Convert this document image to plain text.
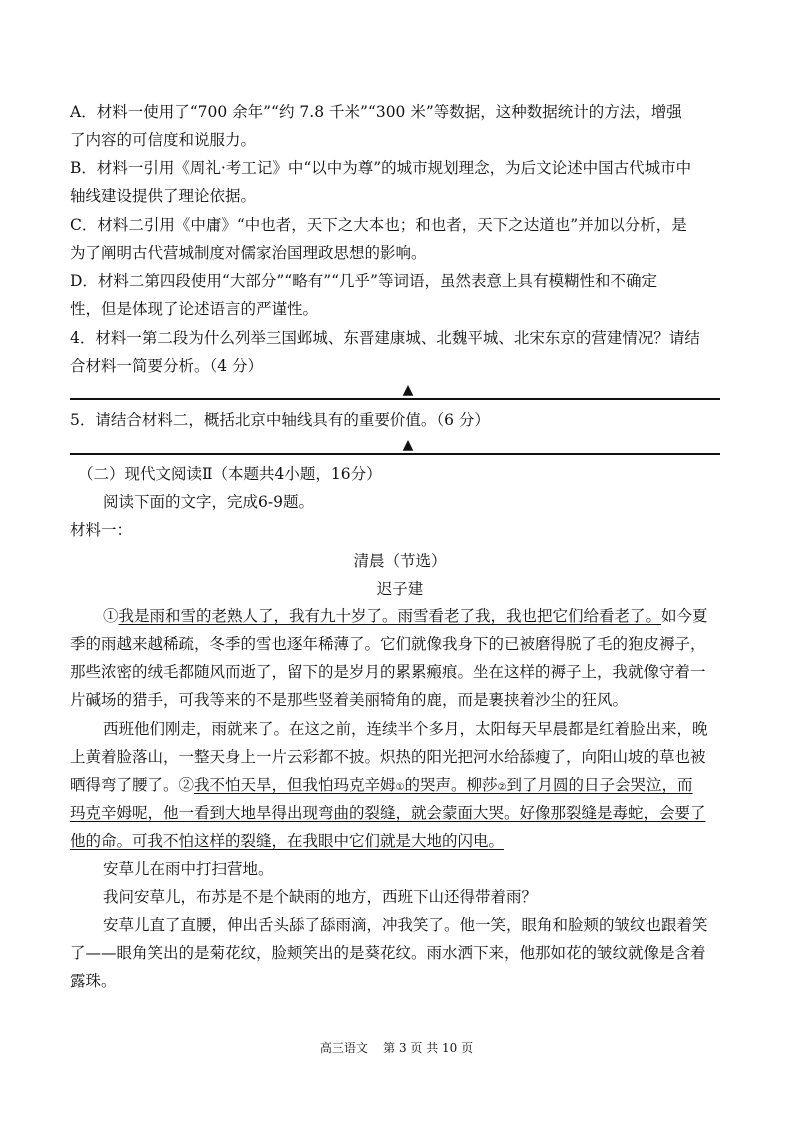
A．材料一使用了“700 余年”“约 7.8 千米”“300 米”等数据，这种数据统计的方法，增强
了内容的可信度和说服力。
B．材料一引用《周礼·考工记》中“以中为尊”的城市规划理念，为后文论述中国古代城市中
轴线建设提供了理论依据。
C．材料二引用《中庸》“中也者，天下之大本也；和也者，天下之达道也”并加以分析，是
为了阐明古代营城制度对儒家治国理政思想的影响。
D．材料二第四段使用“大部分”“略有”“几乎”等词语，虽然表意上具有模糊性和不确定
性，但是体现了论述语言的严谨性。
4．材料一第二段为什么列举三国邺城、东晋建康城、北魏平城、北宋东京的营建情况？请结
合材料一简要分析。（4 分）
▲
5．请结合材料二，概括北京中轴线具有的重要价值。（6 分）
▲
（二）现代文阅读Ⅱ（本题共4小题，16分）
阅读下面的文字，完成6-9题。
材料一：
清晨（节选）
迟子建
①我是雨和雪的老熟人了，我有九十岁了。雨雪看老了我，我也把它们给看老了。如今夏
季的雨越来越稀疏，冬季的雪也逐年稀薄了。它们就像我身下的已被磨得脱了毛的狍皮褥子，
那些浓密的绒毛都随风而逝了，留下的是岁月的累累瘢痕。坐在这样的褥子上，我就像守着一
片碱场的猎手，可我等来的不是那些竖着美丽犄角的鹿，而是裹挟着沙尘的狂风。
西班他们刚走，雨就来了。在这之前，连续半个多月，太阳每天早晨都是红着脸出来，晚
上黄着脸落山，一整天身上一片云彩都不披。炽热的阳光把河水给舔瘦了，向阳山坡的草也被
晒得弯了腰了。②我不怕天旱，但我怕玛克辛姆①的哭声。柳莎②到了月圆的日子会哭泣，而
玛克辛姆呢，他一看到大地旱得出现弯曲的裂缝，就会蒙面大哭。好像那裂缝是毒蛇，会要了
他的命。可我不怕这样的裂缝，在我眼中它们就是大地的闪电。
安草儿在雨中打扫营地。
我问安草儿，布苏是不是个缺雨的地方，西班下山还得带着雨？
安草儿直了直腰，伸出舌头舔了舔雨滴，冲我笑了。他一笑，眼角和脸颊的皱纹也跟着笑
了——眼角笑出的是菊花纹，脸颊笑出的是葵花纹。雨水洒下来，他那如花的皱纹就像是含着
露珠。
高三语文    第 3 页 共 10 页
